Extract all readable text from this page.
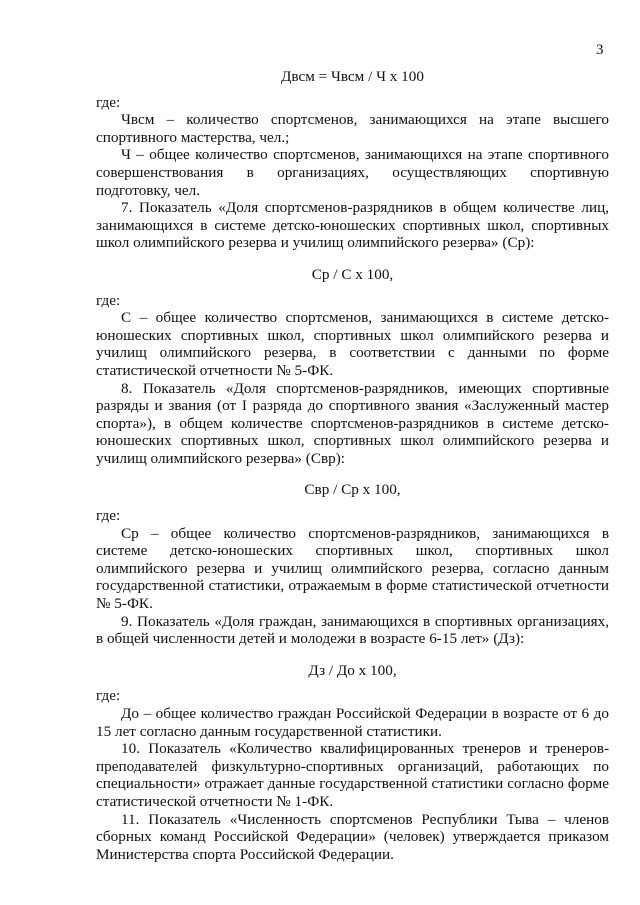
3
Двсм = Чвсм / Ч х 100
где:
Чвсм – количество спортсменов, занимающихся на этапе высшего спортивного мастерства, чел.;
Ч – общее количество спортсменов, занимающихся на этапе спортивного совершенствования в организациях, осуществляющих спортивную подготовку, чел.
7. Показатель «Доля спортсменов-разрядников в общем количестве лиц, занимающихся в системе детско-юношеских спортивных школ, спортивных школ олимпийского резерва и училищ олимпийского резерва» (Ср):
Ср / С х 100,
где:
С – общее количество спортсменов, занимающихся в системе детско-юношеских спортивных школ, спортивных школ олимпийского резерва и училищ олимпийского резерва, в соответствии с данными по форме статистической отчетности № 5-ФК.
8. Показатель «Доля спортсменов-разрядников, имеющих спортивные разряды и звания (от I разряда до спортивного звания «Заслуженный мастер спорта»), в общем количестве спортсменов-разрядников в системе детско-юношеских спортивных школ, спортивных школ олимпийского резерва и училищ олимпийского резерва» (Свр):
Свр / Ср х 100,
где:
Ср – общее количество спортсменов-разрядников, занимающихся в системе детско-юношеских спортивных школ, спортивных школ олимпийского резерва и училищ олимпийского резерва, согласно данным государственной статистики, отражаемым в форме статистической отчетности № 5-ФК.
9. Показатель «Доля граждан, занимающихся в спортивных организациях, в общей численности детей и молодежи в возрасте 6-15 лет» (Дз):
Дз / До х 100,
где:
До – общее количество граждан Российской Федерации в возрасте от 6 до 15 лет согласно данным государственной статистики.
10. Показатель «Количество квалифицированных тренеров и тренеров-преподавателей физкультурно-спортивных организаций, работающих по специальности» отражает данные государственной статистики согласно форме статистической отчетности № 1-ФК.
11. Показатель «Численность спортсменов Республики Тыва – членов сборных команд Российской Федерации» (человек) утверждается приказом Министерства спорта Российской Федерации.
